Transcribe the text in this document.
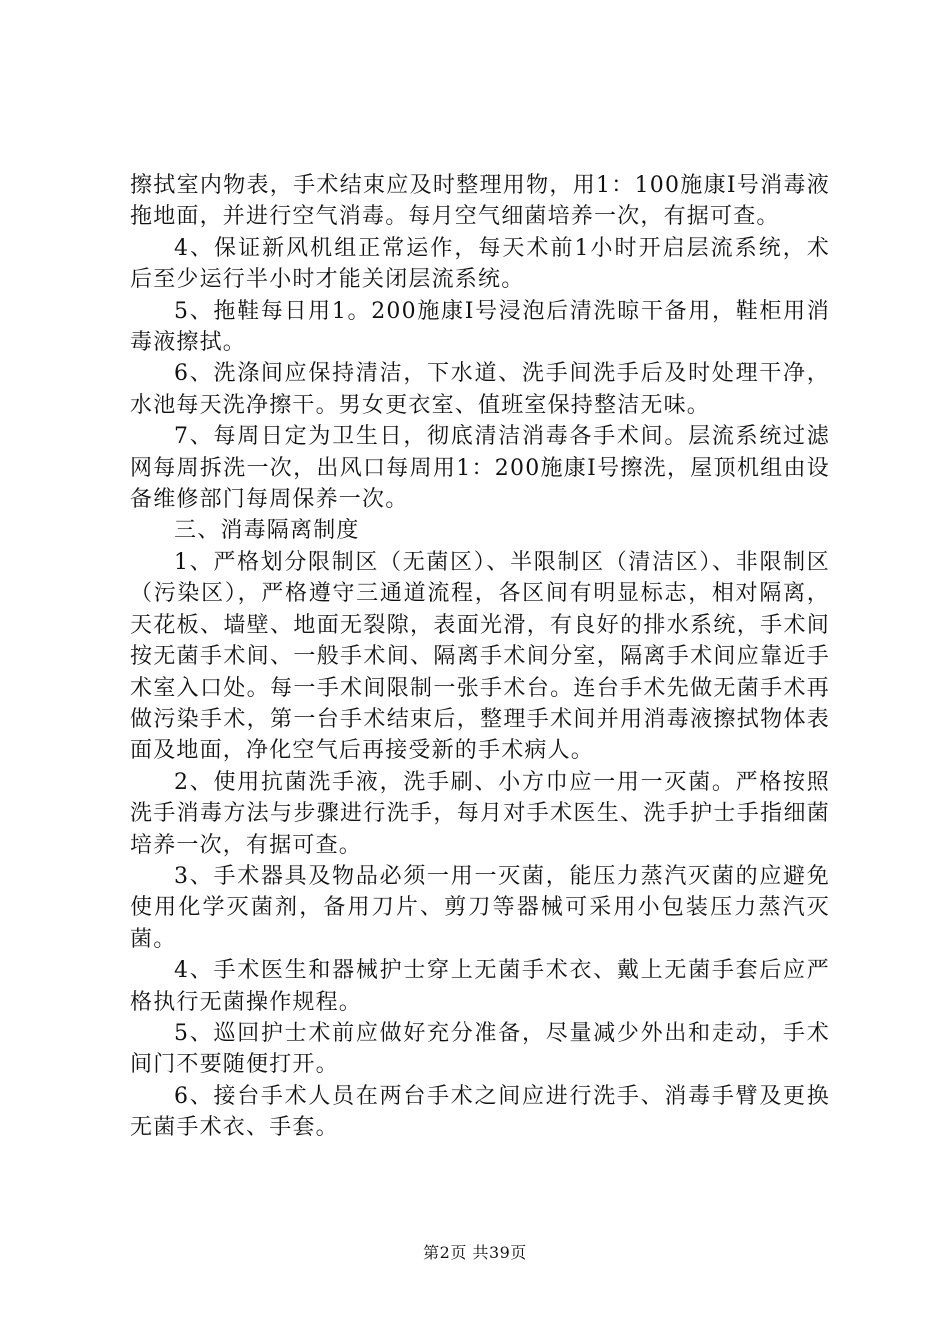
擦拭室内物表，手术结束应及时整理用物，用1：100施康Ⅰ号消毒液拖地面，并进行空气消毒。每月空气细菌培养一次，有据可查。

4、保证新风机组正常运作，每天术前1小时开启层流系统，术后至少运行半小时才能关闭层流系统。

5、拖鞋每日用1。200施康Ⅰ号浸泡后清洗晾干备用，鞋柜用消毒液擦拭。

6、洗涤间应保持清洁，下水道、洗手间洗手后及时处理干净，水池每天洗净擦干。男女更衣室、值班室保持整洁无味。

7、每周日定为卫生日，彻底清洁消毒各手术间。层流系统过滤网每周拆洗一次，出风口每周用1：200施康Ⅰ号擦洗，屋顶机组由设备维修部门每周保养一次。

三、消毒隔离制度

1、严格划分限制区（无菌区）、半限制区（清洁区）、非限制区（污染区），严格遵守三通道流程，各区间有明显标志，相对隔离，天花板、墙壁、地面无裂隙，表面光滑，有良好的排水系统，手术间按无菌手术间、一般手术间、隔离手术间分室，隔离手术间应靠近手术室入口处。每一手术间限制一张手术台。连台手术先做无菌手术再做污染手术，第一台手术结束后，整理手术间并用消毒液擦拭物体表面及地面，净化空气后再接受新的手术病人。

2、使用抗菌洗手液，洗手刷、小方巾应一用一灭菌。严格按照洗手消毒方法与步骤进行洗手，每月对手术医生、洗手护士手指细菌培养一次，有据可查。

3、手术器具及物品必须一用一灭菌，能压力蒸汽灭菌的应避免使用化学灭菌剂，备用刀片、剪刀等器械可采用小包装压力蒸汽灭菌。

4、手术医生和器械护士穿上无菌手术衣、戴上无菌手套后应严格执行无菌操作规程。

5、巡回护士术前应做好充分准备，尽量减少外出和走动，手术间门不要随便打开。

6、接台手术人员在两台手术之间应进行洗手、消毒手臂及更换无菌手术衣、手套。

第2页 共39页
